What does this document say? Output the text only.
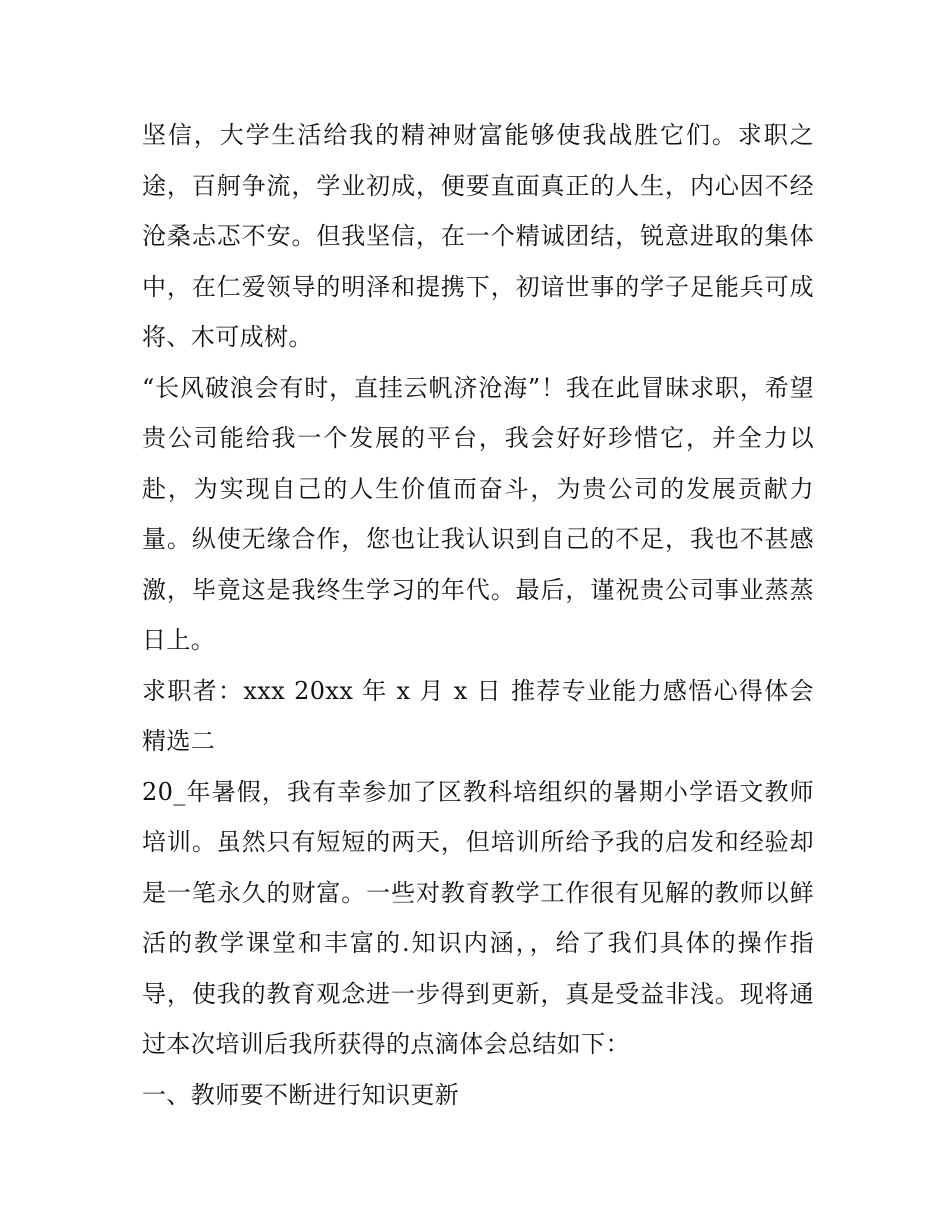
坚信，大学生活给我的精神财富能够使我战胜它们。求职之途，百舸争流，学业初成，便要直面真正的人生，内心因不经沧桑忐忑不安。但我坚信，在一个精诚团结，锐意进取的集体中，在仁爱领导的明泽和提携下，初谙世事的学子足能兵可成将、木可成树。

“长风破浪会有时，直挂云帆济沧海”！我在此冒昧求职，希望贵公司能给我一个发展的平台，我会好好珍惜它，并全力以赴，为实现自己的人生价值而奋斗，为贵公司的发展贡献力量。纵使无缘合作，您也让我认识到自己的不足，我也不甚感激，毕竟这是我终生学习的年代。最后，谨祝贵公司事业蒸蒸日上。

求职者：xxx 20xx 年 x 月 x 日 推荐专业能力感悟心得体会精选二

20_年暑假，我有幸参加了区教科培组织的暑期小学语文教师培训。虽然只有短短的两天，但培训所给予我的启发和经验却是一笔永久的财富。一些对教育教学工作很有见解的教师以鲜活的教学课堂和丰富的.知识内涵，，给了我们具体的操作指导，使我的教育观念进一步得到更新，真是受益非浅。现将通过本次培训后我所获得的点滴体会总结如下：

一、教师要不断进行知识更新
